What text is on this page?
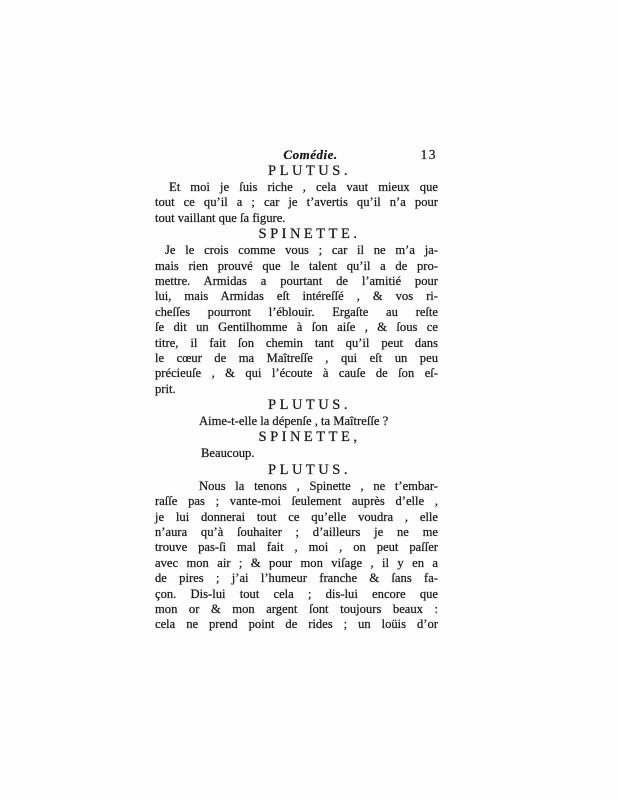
Comédie.	13
PLUTUS.
Et moi je ſuis riche , cela vaut mieux que
tout ce qu’il a ; car je t’avertis qu’il n’a pour
tout vaillant que ſa figure.
SPINETTE.
Je le crois comme vous ; car il ne m’a ja-
mais rien prouvé que le talent qu’il a de pro-
mettre. Armidas a pourtant de l’amitié pour
lui, mais Armidas eſt intéreſſé , & vos ri-
cheſſes pourront l’éblouir. Ergaſte au reſte
ſe dit un Gentilhomme à ſon aiſe , & ſous ce
titre, il fait ſon chemin tant qu’il peut dans
le cœur de ma Maîtreſſe , qui eſt un peu
précieuſe , & qui l’écoute à cauſe de ſon eſ-
prit.
PLUTUS.
Aime-t-elle la dépenſe , ta Maîtreſſe ?
SPINETTE,
Beaucoup.
PLUTUS.
Nous la tenons , Spinette , ne t’embar-
raſſe pas ; vante-moi ſeulement auprès d’elle ,
je lui donnerai tout ce qu’elle voudra , elle
n’aura qu’à ſouhaiter ; d’ailleurs je ne me
trouve pas-ſi mal fait , moi , on peut paſſer
avec mon air ; & pour mon viſage , il y en a
de pires ; j’ai l’humeur franche & ſans fa-
çon. Dis-lui tout cela ; dis-lui encore que
mon or & mon argent ſont toujours beaux :
cela ne prend point de rides ; un loüis d’or
